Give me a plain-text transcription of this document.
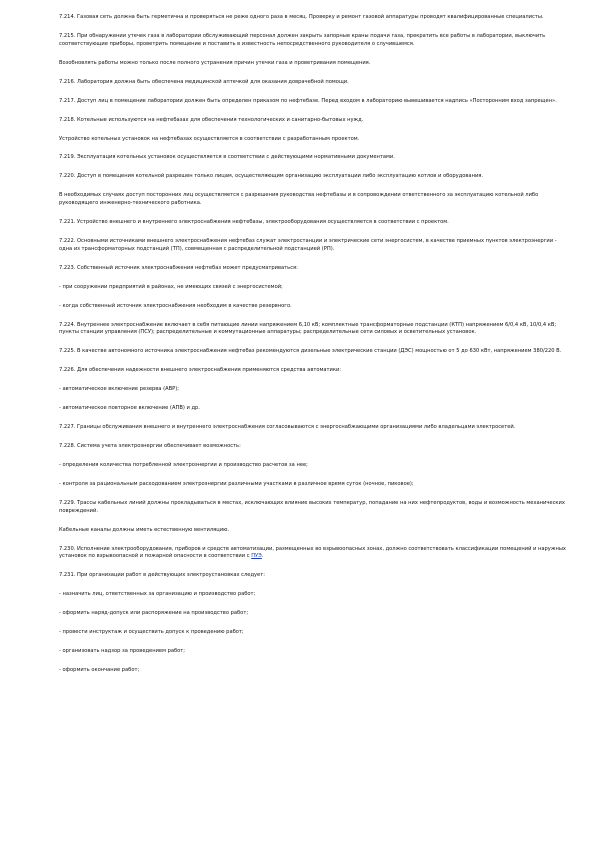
7.214. Газовая сеть должна быть герметична и проверяться не реже одного раза в месяц. Проверку и ремонт газовой аппаратуры проводят квалифицированные специалисты.

7.215. При обнаружении утечек газа в лаборатории обслуживающий персонал должен закрыть запорные краны подачи газа, прекратить все работы в лаборатории, выключить соответствующие приборы, проветрить помещение и поставить в известность непосредственного руководителя о случившемся.

Возобновлять работы можно только после полного устранения причин утечки газа и проветривания помещения.

7.216. Лаборатория должна быть обеспечена медицинской аптечкой для оказания доврачебной помощи.

7.217. Доступ лиц в помещение лаборатории должен быть определен приказом по нефтебазе. Перед входом в лабораторию вывешивается надпись «Посторонним вход запрещен».

7.218. Котельные используются на нефтебазах для обеспечения технологических и санитарно-бытовых нужд.

Устройство котельных установок на нефтебазах осуществляется в соответствии с разработанным проектом.

7.219. Эксплуатация котельных установок осуществляется в соответствии с действующими нормативными документами.

7.220. Доступ в помещения котельной разрешен только лицам, осуществляющим организацию эксплуатации либо эксплуатацию котлов и оборудования.

В необходимых случаях доступ посторонних лиц осуществляется с разрешения руководства нефтебазы и в сопровождении ответственного за эксплуатацию котельной либо руководящего инженерно-технического работника.

7.221. Устройство внешнего и внутреннего электроснабжения нефтебазы, электрооборудования осуществляется в соответствии с проектом.

7.222. Основными источниками внешнего электроснабжения нефтебаз служат электростанции и электрические сети энергосистем, в качестве приемных пунктов электроэнергии - одна из трансформаторных подстанций (ТП), совмещенная с распределительной подстанцией (РП).

7.223. Собственный источник электроснабжения нефтебаз может предусматриваться:

- при сооружении предприятий в районах, не имеющих связей с энергосистемой;

- когда собственный источник электроснабжения необходим в качестве резервного.

7.224. Внутреннее электроснабжение включает в себя питающие линии напряжением 6,10 кВ; комплектные трансформаторные подстанции (КТП) напряжением 6/0,4 кВ, 10/0,4 кВ; пункты станции управления (ПСУ); распределительные и коммутационные аппаратуры; распределительные сети силовых и осветительных установок.

7.225. В качестве автономного источника электроснабжения нефтебаз рекомендуются дизельные электрические станции (ДЭС) мощностью от 5 до 630 кВт, напряжением 380/220 В.

7.226. Для обеспечения надежности внешнего электроснабжения применяются средства автоматики:

- автоматическое включение резерва (АВР);

- автоматическое повторное включение (АПВ) и др.

7.227. Границы обслуживания внешнего и внутреннего электроснабжения согласовываются с энергоснабжающими организациями либо владельцами электросетей.

7.228. Система учета электроэнергии обеспечивает возможность:

- определения количества потребленной электроэнергии и производство расчетов за нее;

- контроля за рациональным расходованием электроэнергии различными участками в различное время суток (ночное, пиковое);

7.229. Трассы кабельных линий должны прокладываться в местах, исключающих влияние высоких температур, попадание на них нефтепродуктов, воды и возможность механических повреждений.

Кабельные каналы должны иметь естественную вентиляцию.

7.230. Исполнение электрооборудования, приборов и средств автоматизации, размещенных во взрывоопасных зонах, должно соответствовать классификации помещений и наружных установок по взрывоопасной и пожарной опасности в соответствии с ПУЭ.

7.231. При организации работ в действующих электроустановках следует:

- назначить лиц, ответственных за организацию и производство работ;

- оформить наряд-допуск или распоряжение на производство работ;

- провести инструктаж и осуществить допуск к проведению работ;

- организовать надзор за проведением работ;

- оформить окончание работ;
